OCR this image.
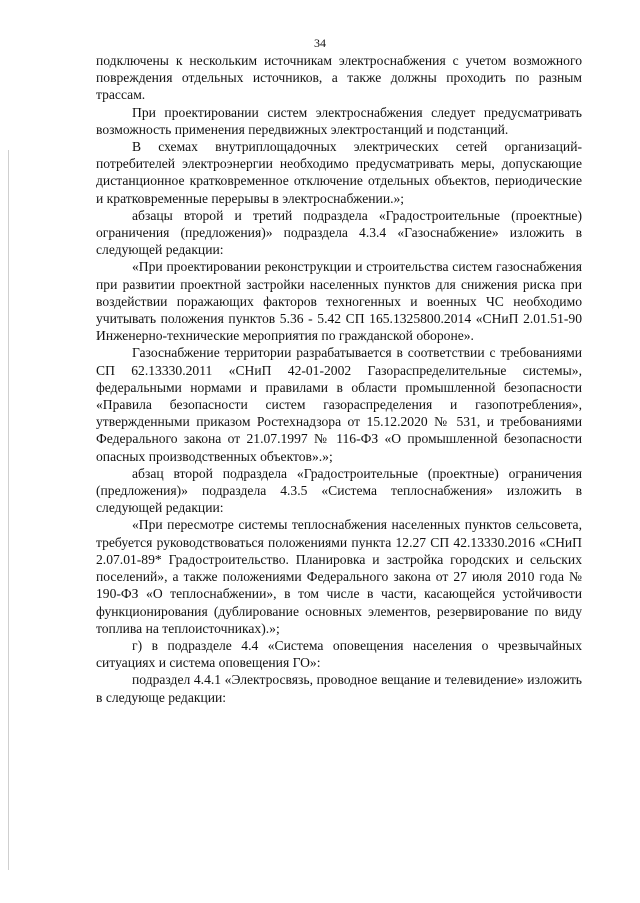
34

подключены к нескольким источникам электроснабжения с учетом возможного повреждения отдельных источников, а также должны проходить по разным трассам.

При проектировании систем электроснабжения следует предусматривать возможность применения передвижных электростанций и подстанций.

В схемах внутриплощадочных электрических сетей организаций-потребителей электроэнергии необходимо предусматривать меры, допускающие дистанционное кратковременное отключение отдельных объектов, периодические и кратковременные перерывы в электроснабжении.»;

абзацы второй и третий подраздела «Градостроительные (проектные) ограничения (предложения)» подраздела 4.3.4 «Газоснабжение» изложить в следующей редакции:

«При проектировании реконструкции и строительства систем газоснабжения при развитии проектной застройки населенных пунктов для снижения риска при воздействии поражающих факторов техногенных и военных ЧС необходимо учитывать положения пунктов 5.36 - 5.42 СП 165.1325800.2014 «СНиП 2.01.51-90 Инженерно-технические мероприятия по гражданской обороне».

Газоснабжение территории разрабатывается в соответствии с требованиями СП 62.13330.2011 «СНиП 42-01-2002 Газораспределительные системы», федеральными нормами и правилами в области промышленной безопасности «Правила безопасности систем газораспределения и газопотребления», утвержденными приказом Ростехнадзора от 15.12.2020 № 531, и требованиями Федерального закона от 21.07.1997 № 116-ФЗ «О промышленной безопасности опасных производственных объектов».»;

абзац второй подраздела «Градостроительные (проектные) ограничения (предложения)» подраздела 4.3.5 «Система теплоснабжения» изложить в следующей редакции:

«При пересмотре системы теплоснабжения населенных пунктов сельсовета, требуется руководствоваться положениями пункта 12.27 СП 42.13330.2016 «СНиП 2.07.01-89* Градостроительство. Планировка и застройка городских и сельских поселений», а также положениями Федерального закона от 27 июля 2010 года № 190-ФЗ «О теплоснабжении», в том числе в части, касающейся устойчивости функционирования (дублирование основных элементов, резервирование по виду топлива на теплоисточниках).»;

г) в подразделе 4.4 «Система оповещения населения о чрезвычайных ситуациях и система оповещения ГО»:

подраздел 4.4.1 «Электросвязь, проводное вещание и телевидение» изложить в следующе редакции:
